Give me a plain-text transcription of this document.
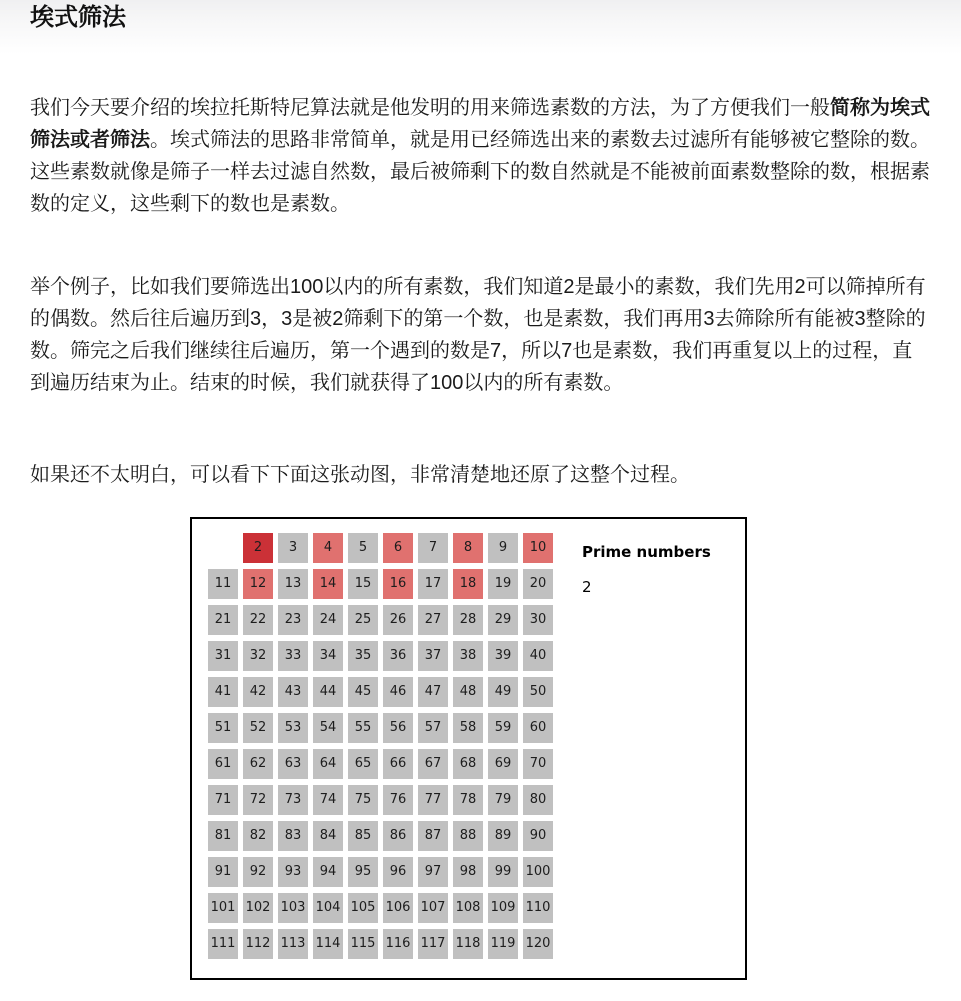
埃式筛法

我们今天要介绍的埃拉托斯特尼算法就是他发明的用来筛选素数的方法，为了方便我们一般简称为埃式筛法或者筛法。埃式筛法的思路非常简单，就是用已经筛选出来的素数去过滤所有能够被它整除的数。这些素数就像是筛子一样去过滤自然数，最后被筛剩下的数自然就是不能被前面素数整除的数，根据素数的定义，这些剩下的数也是素数。

举个例子，比如我们要筛选出100以内的所有素数，我们知道2是最小的素数，我们先用2可以筛掉所有的偶数。然后往后遍历到3，3是被2筛剩下的第一个数，也是素数，我们再用3去筛除所有能被3整除的数。筛完之后我们继续往后遍历，第一个遇到的数是7，所以7也是素数，我们再重复以上的过程，直到遍历结束为止。结束的时候，我们就获得了100以内的所有素数。

如果还不太明白，可以看下下面这张动图，非常清楚地还原了这整个过程。

2	3	4	5	6	7	8	9	10
11	12	13	14	15	16	17	18	19	20
21	22	23	24	25	26	27	28	29	30
31	32	33	34	35	36	37	38	39	40
41	42	43	44	45	46	47	48	49	50
51	52	53	54	55	56	57	58	59	60
61	62	63	64	65	66	67	68	69	70
71	72	73	74	75	76	77	78	79	80
81	82	83	84	85	86	87	88	89	90
91	92	93	94	95	96	97	98	99	100
101 102 103 104 105 106 107 108 109 110
111 112 113 114 115 116 117 118 119 120
Prime numbers
2
